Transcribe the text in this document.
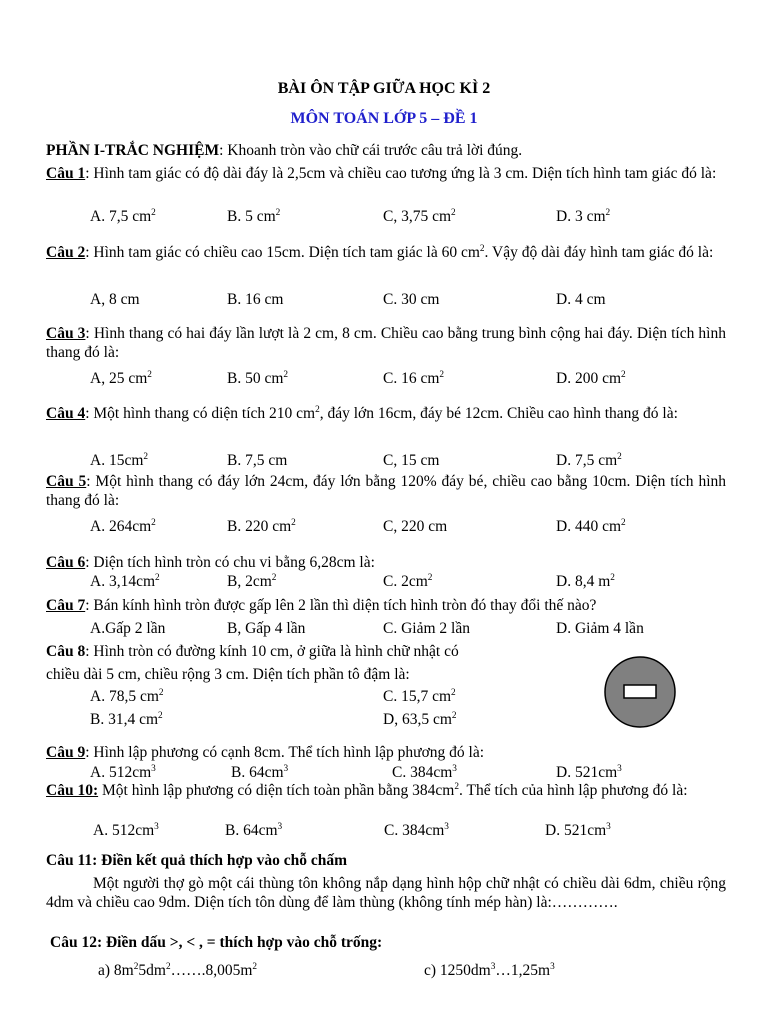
BÀI ÔN TẬP GIỮA HỌC KÌ 2
MÔN TOÁN LỚP 5 – ĐỀ 1
PHẦN I-TRẮC NGHIỆM: Khoanh tròn vào chữ cái trước câu trả lời đúng.
Câu 1: Hình tam giác có độ dài đáy là 2,5cm và chiều cao tương ứng là 3 cm. Diện tích hình tam giác đó là:
A. 7,5 $cm^2$	B. 5 $cm^2$	C, 3,75 $cm^2$	D. 3 $cm^2$
Câu 2: Hình tam giác có chiều cao 15cm. Diện tích tam giác là 60 $cm^2$. Vậy độ dài đáy hình tam giác đó là:
A, 8 cm	B. 16 cm	C. 30 cm	D. 4 cm
Câu 3: Hình thang có hai đáy lần lượt là 2 cm, 8 cm. Chiều cao bằng trung bình cộng hai đáy. Diện tích hình thang đó là:
A, 25 $cm^2$	B. 50 $cm^2$	C. 16 $cm^2$	D. 200 $cm^2$
Câu 4: Một hình thang có diện tích 210 $cm^2$, đáy lớn 16cm, đáy bé 12cm. Chiều cao hình thang đó là:
A. $15cm^2$	B. 7,5 cm	C, 15 cm	D. 7,5 $cm^2$
Câu 5: Một hình thang có đáy lớn 24cm, đáy lớn bằng 120% đáy bé, chiều cao bằng 10cm. Diện tích hình thang đó là:
A. $264cm^2$	B. 220 $cm^2$	C, 220 cm	D. 440 $cm^2$
Câu 6: Diện tích hình tròn có chu vi bằng 6,28cm là:
A. $3,14cm^2$	B, $2cm^2$	C. $2cm^2$	D. 8,4 $m^2$
Câu 7: Bán kính hình tròn được gấp lên 2 lần thì diện tích hình tròn đó thay đổi thế nào?
A.Gấp 2 lần	B, Gấp 4 lần	C. Giảm 2 lần	D. Giảm 4 lần
Câu 8: Hình tròn có đường kính 10 cm, ở giữa là hình chữ nhật có
chiều dài 5 cm, chiều rộng 3 cm. Diện tích phần tô đậm là:
A. 78,5 $cm^2$	C. 15,7 $cm^2$
B. 31,4 $cm^2$	D, 63,5 $cm^2$
Câu 9: Hình lập phương có cạnh 8cm. Thể tích hình lập phương đó là:
A. $512cm^3$	B. $64cm^3$	C. $384cm^3$	D. $521cm^3$
Câu 10: Một hình lập phương có diện tích toàn phần bằng $384cm^2$. Thể tích của hình lập phương đó là:
A. $512cm^3$	B. $64cm^3$	C. $384cm^3$	D. $521cm^3$
Câu 11: Điền kết quả thích hợp vào chỗ chấm
Một người thợ gò một cái thùng tôn không nắp dạng hình hộp chữ nhật có chiều dài 6dm, chiều rộng 4dm và chiều cao 9dm. Diện tích tôn dùng để làm thùng (không tính mép hàn) là:………….
Câu 12: Điền dấu >, < , = thích hợp vào chỗ trống:
a) $8m^25dm^2\dots\dots.8,005m^2$	c) $1250dm^3\dots 1,25m^3$
